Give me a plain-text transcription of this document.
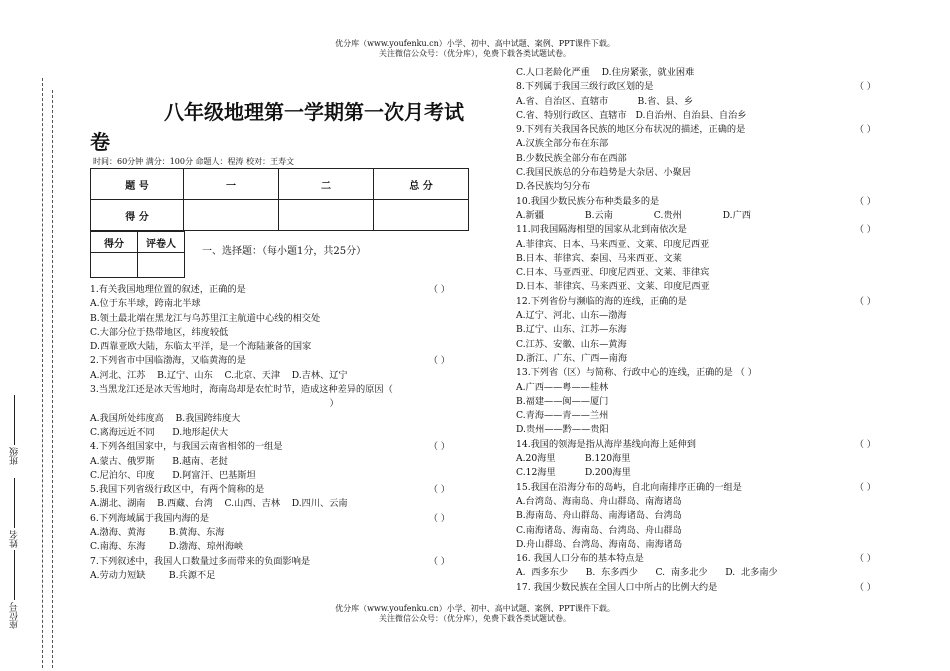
优分库（www.youfenku.cn）小学、初中、高中试题、案例、PPT课件下载。
关注微信公众号：（优分库），免费下载各类试题试卷。
班级
姓名
座位号
八年级地理第一学期第一次月考试
卷
时间：60分钟 满分：100分 命题人：程涛 校对：王寿文
题 号	一	二	总 分
得 分			
得分	评卷人

一、选择题：（每小题1分，共25分）
1.有关我国地理位置的叙述，正确的是	（ ）
A.位于东半球，跨南北半球
B.领土最北端在黑龙江与乌苏里江主航道中心线的相交处
C.大部分位于热带地区，纬度较低
D.西靠亚欧大陆，东临太平洋，是一个海陆兼备的国家
2.下列省市中国临渤海，又临黄海的是	（ ）
A.河北、江苏    B.辽宁、山东    C.北京、天津    D.吉林、辽宁
3.当黑龙江还是冰天雪地时，海南岛却是农忙时节，造成这种差异的原因（
）
A.我国所处纬度高    B.我国跨纬度大
C.离海远近不同      D.地形起伏大
4.下列各组国家中，与我国云南省相邻的一组是	（ ）
A.蒙古、俄罗斯      B.越南、老挝
C.尼泊尔、印度      D.阿富汗、巴基斯坦
5.我国下列省级行政区中，有两个简称的是	（ ）
A.湖北、湖南    B.西藏、台湾    C.山西、吉林    D.四川、云南
6.下列海域属于我国内海的是	（ ）
A.渤海、黄海        B.黄海、东海
C.南海、东海        D.渤海、琼州海峡
7.下列叙述中，我国人口数量过多而带来的负面影响是	（ ）
A.劳动力短缺        B.兵源不足
C.人口老龄化严重    D.住房紧张，就业困难
8.下列属于我国三级行政区划的是	（ ）
A.省、自治区、直辖市          B.省、县、乡
C.省、特别行政区、直辖市   D.自治州、自治县、自治乡
9.下列有关我国各民族的地区分布状况的描述，正确的是	（ ）
A.汉族全部分布在东部
B.少数民族全部分布在西部
C.我国民族总的分布趋势是大杂居、小聚居
D.各民族均匀分布
10.我国少数民族分布种类最多的是	（ ）
A.新疆              B.云南              C.贵州              D.广西
11.同我国隔海相望的国家从北到南依次是	（ ）
A.菲律宾、日本、马来西亚、文莱、印度尼西亚
B.日本、菲律宾、泰国、马来西亚、文莱
C.日本、马亚西亚、印度尼西亚、文莱、菲律宾
D.日本、菲律宾、马来西亚、文莱、印度尼西亚
12.下列省份与濒临的海的连线，正确的是	（ ）
A.辽宁、河北、山东—渤海
B.辽宁、山东、江苏—东海
C.江苏、安徽、山东—黄海
D.浙江、广东、广西—南海
13.下列省（区）与简称、行政中心的连线，正确的是 （ ）
A.广西——粤——桂林
B.福建——闽——厦门
C.青海——青——兰州
D.贵州——黔——贵阳
14.我国的领海是指从海岸基线向海上延伸到	（ ）
A.20海里          B.120海里
C.12海里          D.200海里
15.我国在沿海分布的岛屿，自北向南排序正确的一组是	（ ）
A.台湾岛、海南岛、舟山群岛、南海诸岛
B.海南岛、舟山群岛、南海诸岛、台湾岛
C.南海诸岛、海南岛、台湾岛、舟山群岛
D.舟山群岛、台湾岛、海南岛、南海诸岛
16. 我国人口分布的基本特点是	（ ）
A.  西多东少      B.  东多西少      C.  南多北少      D.  北多南少
17. 我国少数民族在全国人口中所占的比例大约是	（ ）
优分库（www.youfenku.cn）小学、初中、高中试题、案例、PPT课件下载。
关注微信公众号：（优分库），免费下载各类试题试卷。
